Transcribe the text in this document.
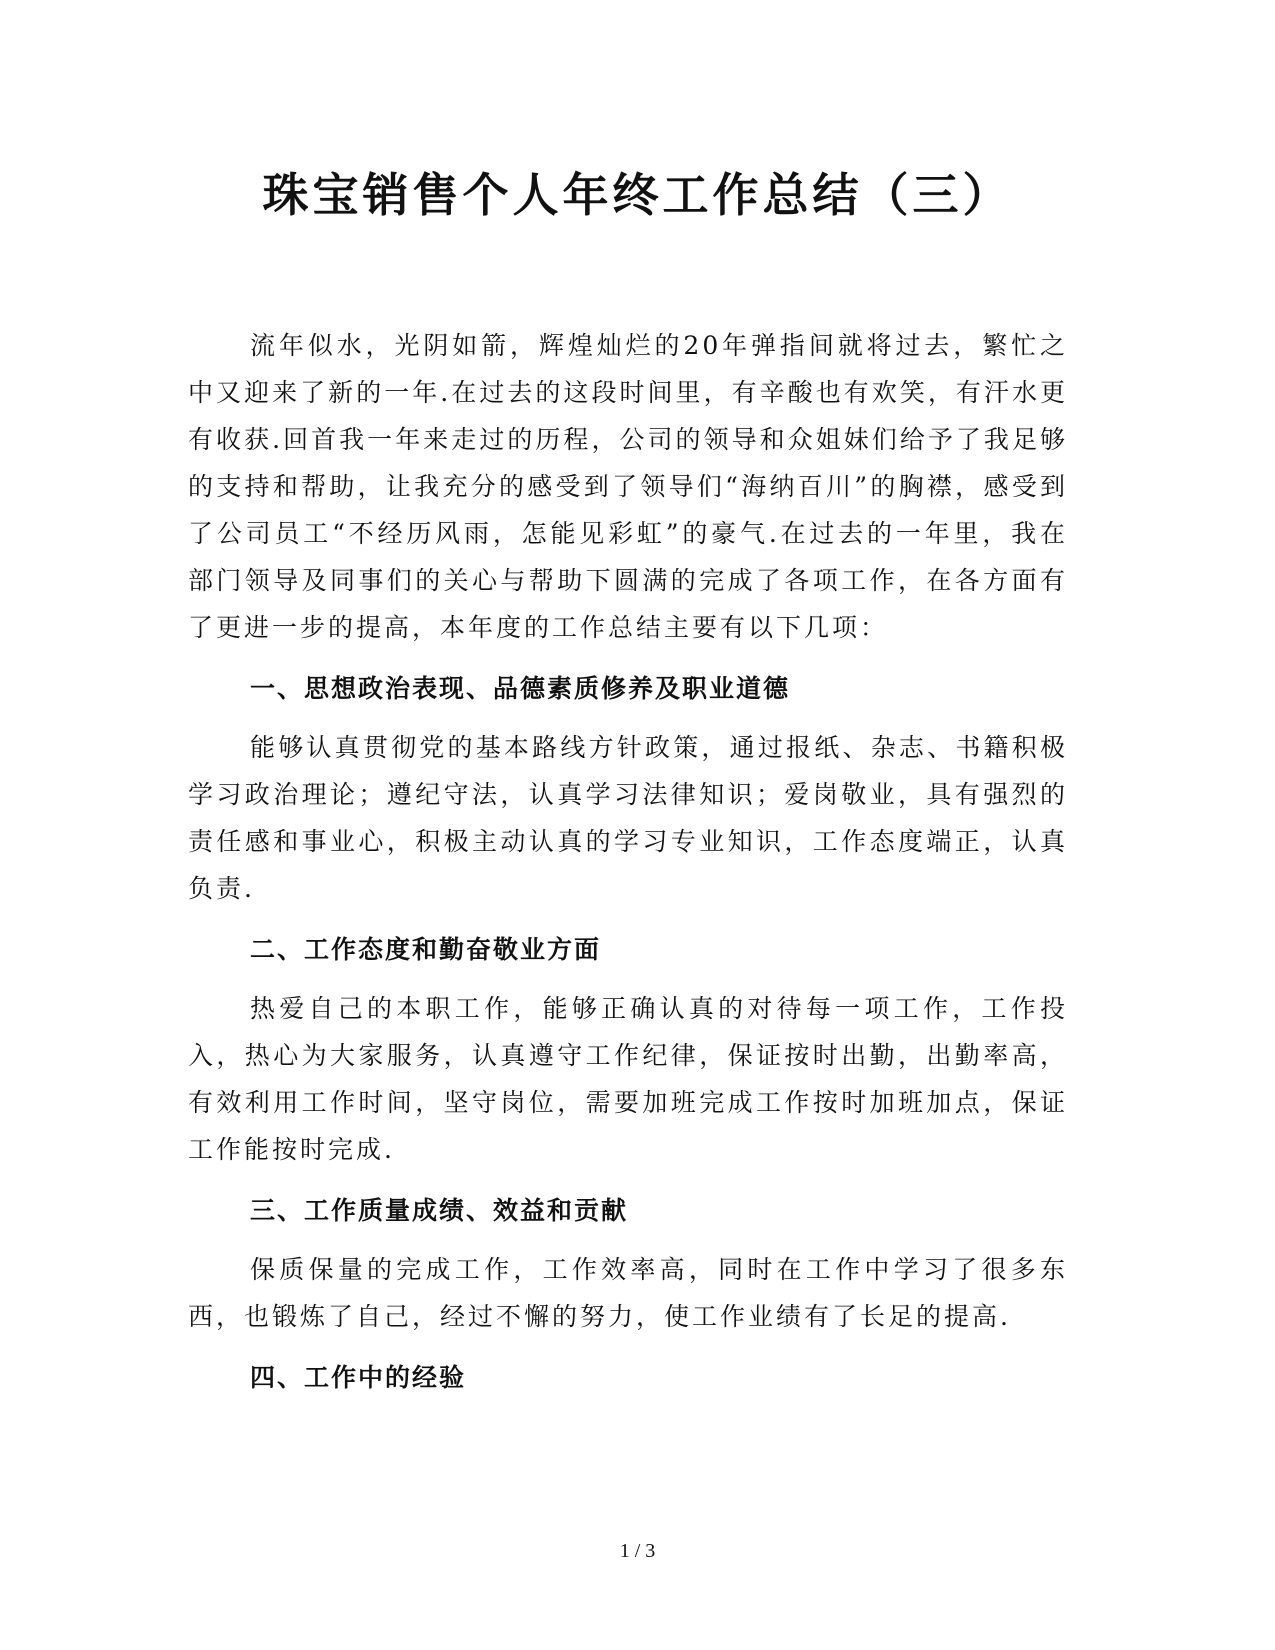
珠宝销售个人年终工作总结（三）

流年似水，光阴如箭，辉煌灿烂的20年弹指间就将过去，繁忙之中又迎来了新的一年.在过去的这段时间里，有辛酸也有欢笑，有汗水更有收获.回首我一年来走过的历程，公司的领导和众姐妹们给予了我足够的支持和帮助，让我充分的感受到了领导们“海纳百川”的胸襟，感受到了公司员工“不经历风雨，怎能见彩虹”的豪气.在过去的一年里，我在部门领导及同事们的关心与帮助下圆满的完成了各项工作，在各方面有了更进一步的提高，本年度的工作总结主要有以下几项：

一、思想政治表现、品德素质修养及职业道德

能够认真贯彻党的基本路线方针政策，通过报纸、杂志、书籍积极学习政治理论；遵纪守法，认真学习法律知识；爱岗敬业，具有强烈的责任感和事业心，积极主动认真的学习专业知识，工作态度端正，认真负责.

二、工作态度和勤奋敬业方面

热爱自己的本职工作，能够正确认真的对待每一项工作，工作投入，热心为大家服务，认真遵守工作纪律，保证按时出勤，出勤率高，有效利用工作时间，坚守岗位，需要加班完成工作按时加班加点，保证工作能按时完成.

三、工作质量成绩、效益和贡献

保质保量的完成工作，工作效率高，同时在工作中学习了很多东西，也锻炼了自己，经过不懈的努力，使工作业绩有了长足的提高.

四、工作中的经验
1 / 3
